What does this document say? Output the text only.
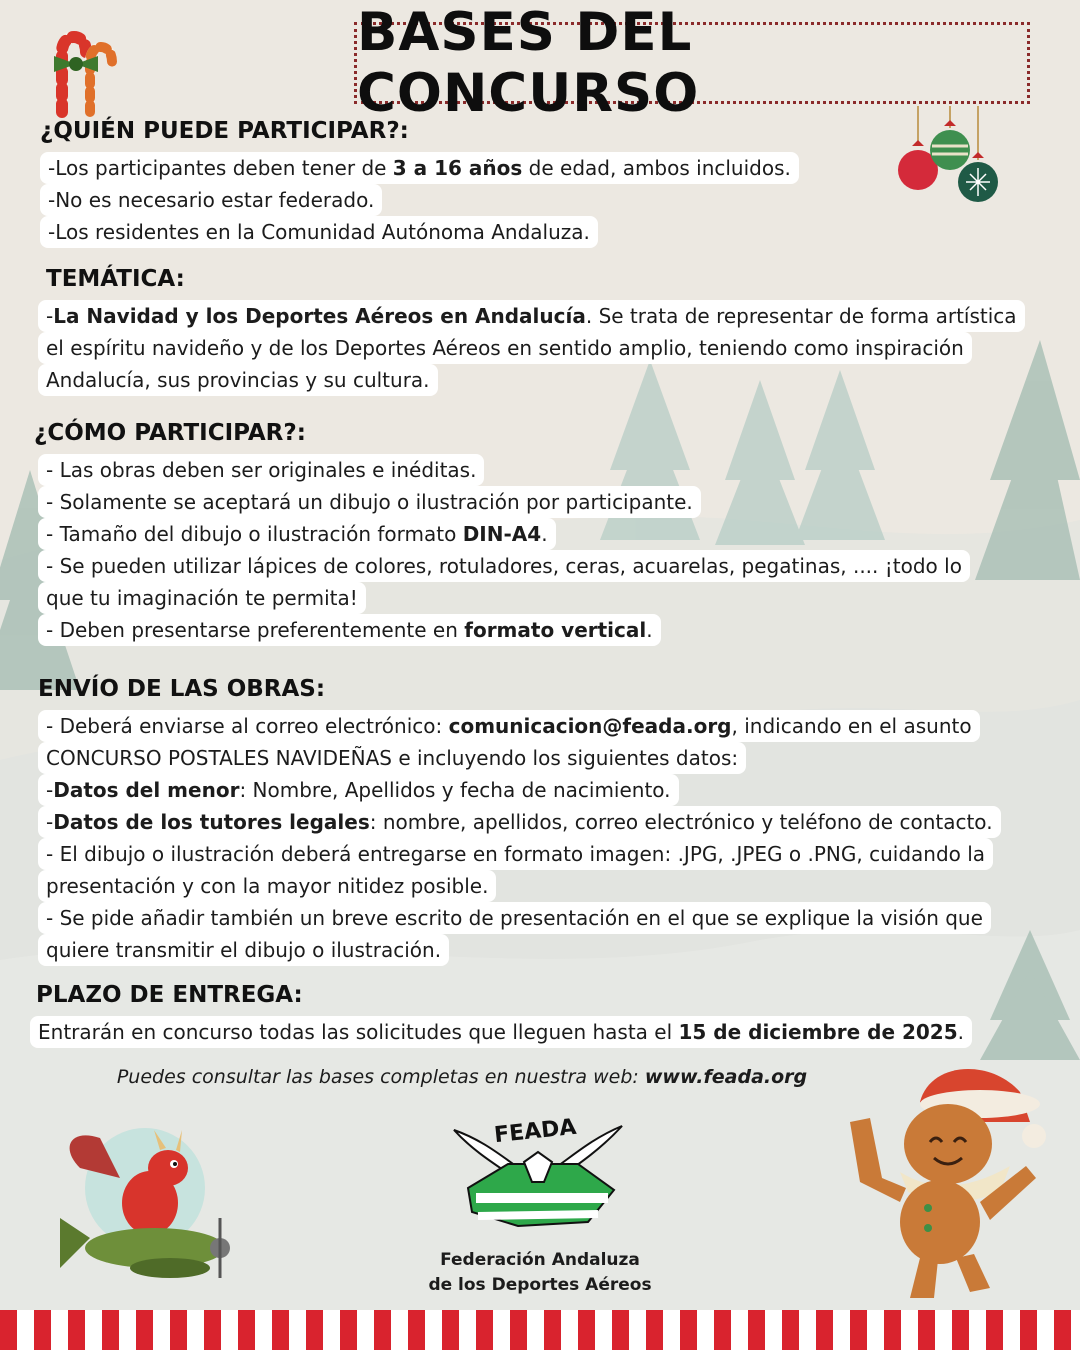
BASES DEL CONCURSO
¿QUIÉN PUEDE PARTICIPAR?:
-Los participantes deben tener de 3 a 16 años de edad, ambos incluidos.
-No es necesario estar federado.
-Los residentes en la Comunidad Autónoma Andaluza.
TEMÁTICA:
-La Navidad y los Deportes Aéreos en Andalucía. Se trata de representar de forma artística
el espíritu navideño y de los Deportes Aéreos en sentido amplio, teniendo como inspiración
Andalucía, sus provincias y su cultura.
¿CÓMO PARTICIPAR?:
- Las obras deben ser originales e inéditas.
- Solamente se aceptará un dibujo o ilustración por participante.
- Tamaño del dibujo o ilustración formato DIN-A4.
- Se pueden utilizar lápices de colores, rotuladores, ceras, acuarelas, pegatinas, .... ¡todo lo
que tu imaginación te permita!
- Deben presentarse preferentemente en formato vertical.
ENVÍO DE LAS OBRAS:
- Deberá enviarse al correo electrónico: comunicacion@feada.org, indicando en el asunto
CONCURSO POSTALES NAVIDEÑAS e incluyendo los siguientes datos:
-Datos del menor: Nombre, Apellidos y fecha de nacimiento.
-Datos de los tutores legales: nombre, apellidos, correo electrónico y teléfono de contacto.
- El dibujo o ilustración deberá entregarse en formato imagen: .JPG, .JPEG o .PNG, cuidando la
presentación y con la mayor nitidez posible.
- Se pide añadir también un breve escrito de presentación en el que se explique la visión que
quiere transmitir el dibujo o ilustración.
PLAZO DE ENTREGA:
Entrarán en concurso todas las solicitudes que lleguen hasta el 15 de diciembre de 2025.
Puedes consultar las bases completas en nuestra web: www.feada.org
FEADA
Federación Andaluza
de los Deportes Aéreos
